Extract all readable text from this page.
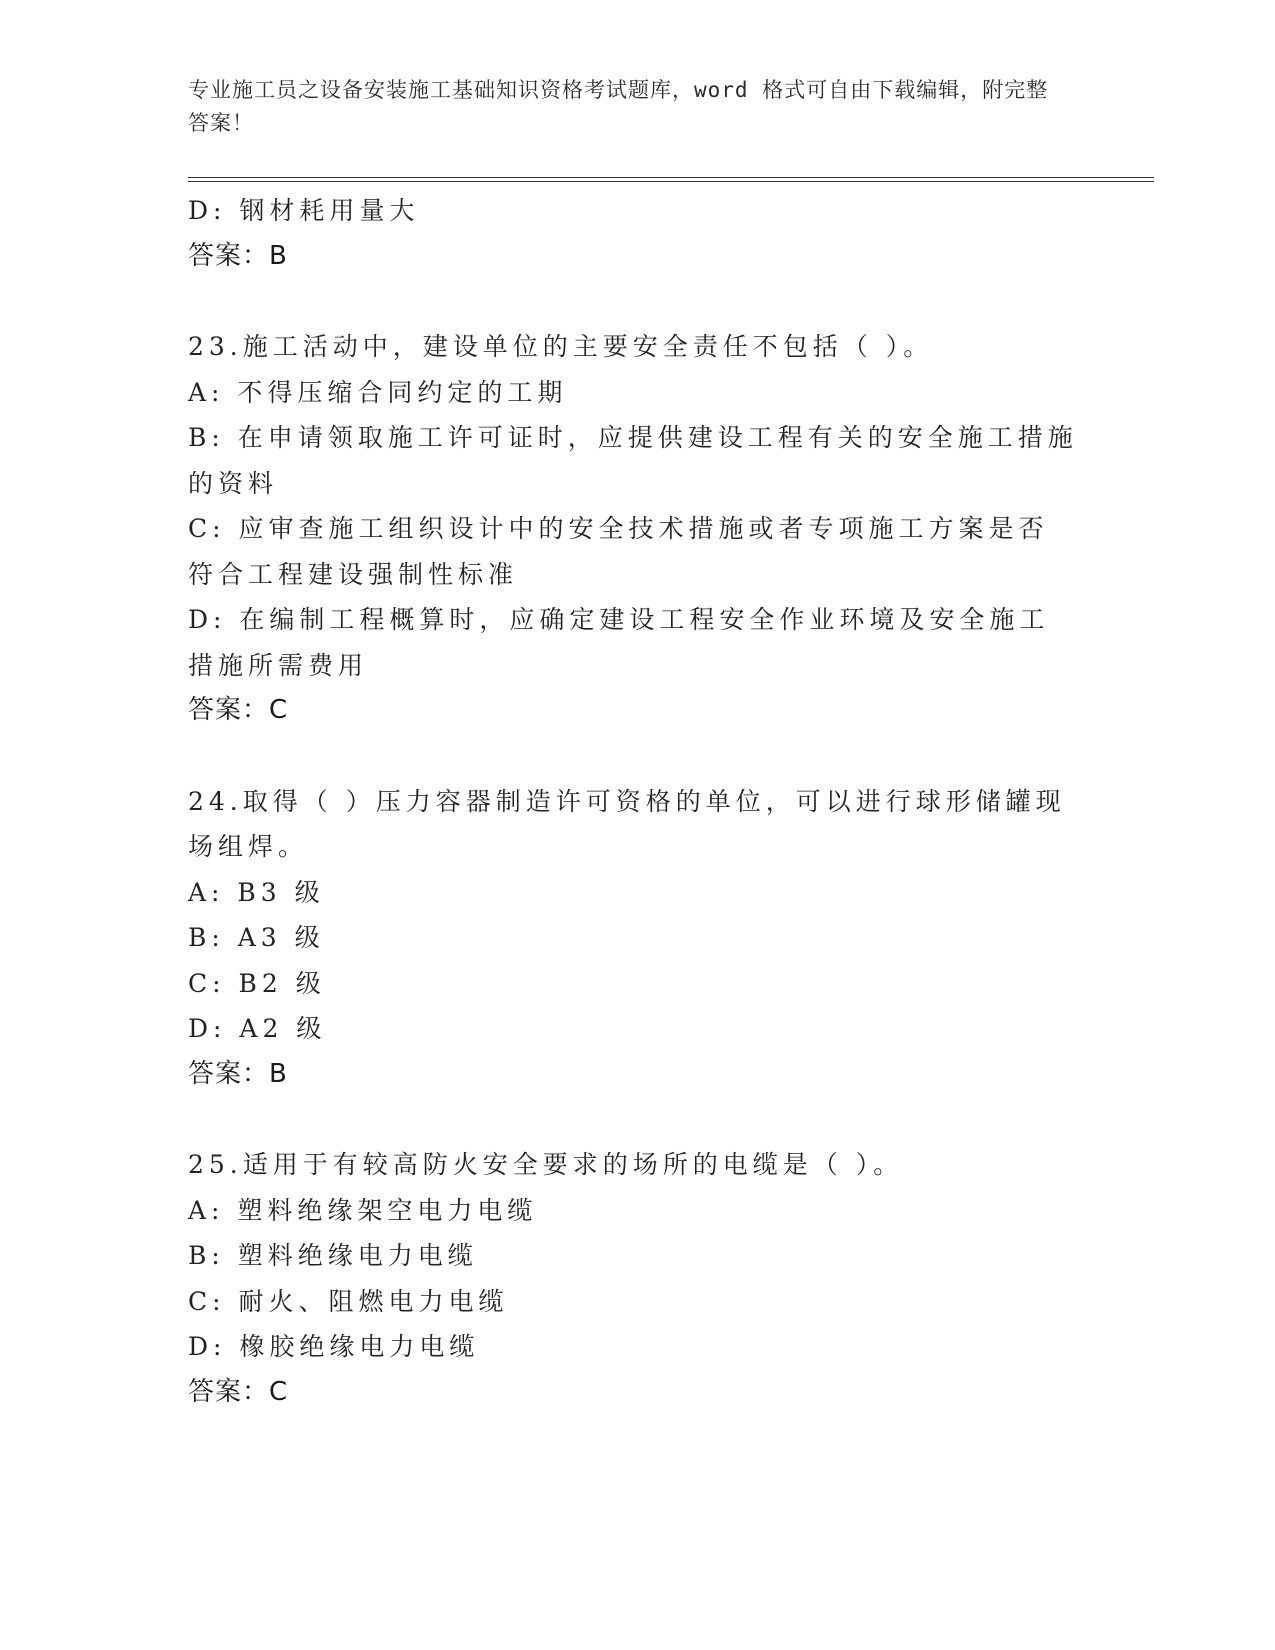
专业施工员之设备安装施工基础知识资格考试题库，word 格式可自由下载编辑，附完整答案！
D: 钢材耗用量大
答案：B
23.施工活动中，建设单位的主要安全责任不包括（ ）。
A: 不得压缩合同约定的工期
B: 在申请领取施工许可证时，应提供建设工程有关的安全施工措施的资料
C: 应审查施工组织设计中的安全技术措施或者专项施工方案是否符合工程建设强制性标准
D: 在编制工程概算时，应确定建设工程安全作业环境及安全施工措施所需费用
答案：C
24.取得（ ）压力容器制造许可资格的单位，可以进行球形储罐现场组焊。
A: B3 级
B: A3 级
C: B2 级
D: A2 级
答案：B
25.适用于有较高防火安全要求的场所的电缆是（ ）。
A: 塑料绝缘架空电力电缆
B: 塑料绝缘电力电缆
C: 耐火、阻燃电力电缆
D: 橡胶绝缘电力电缆
答案：C
